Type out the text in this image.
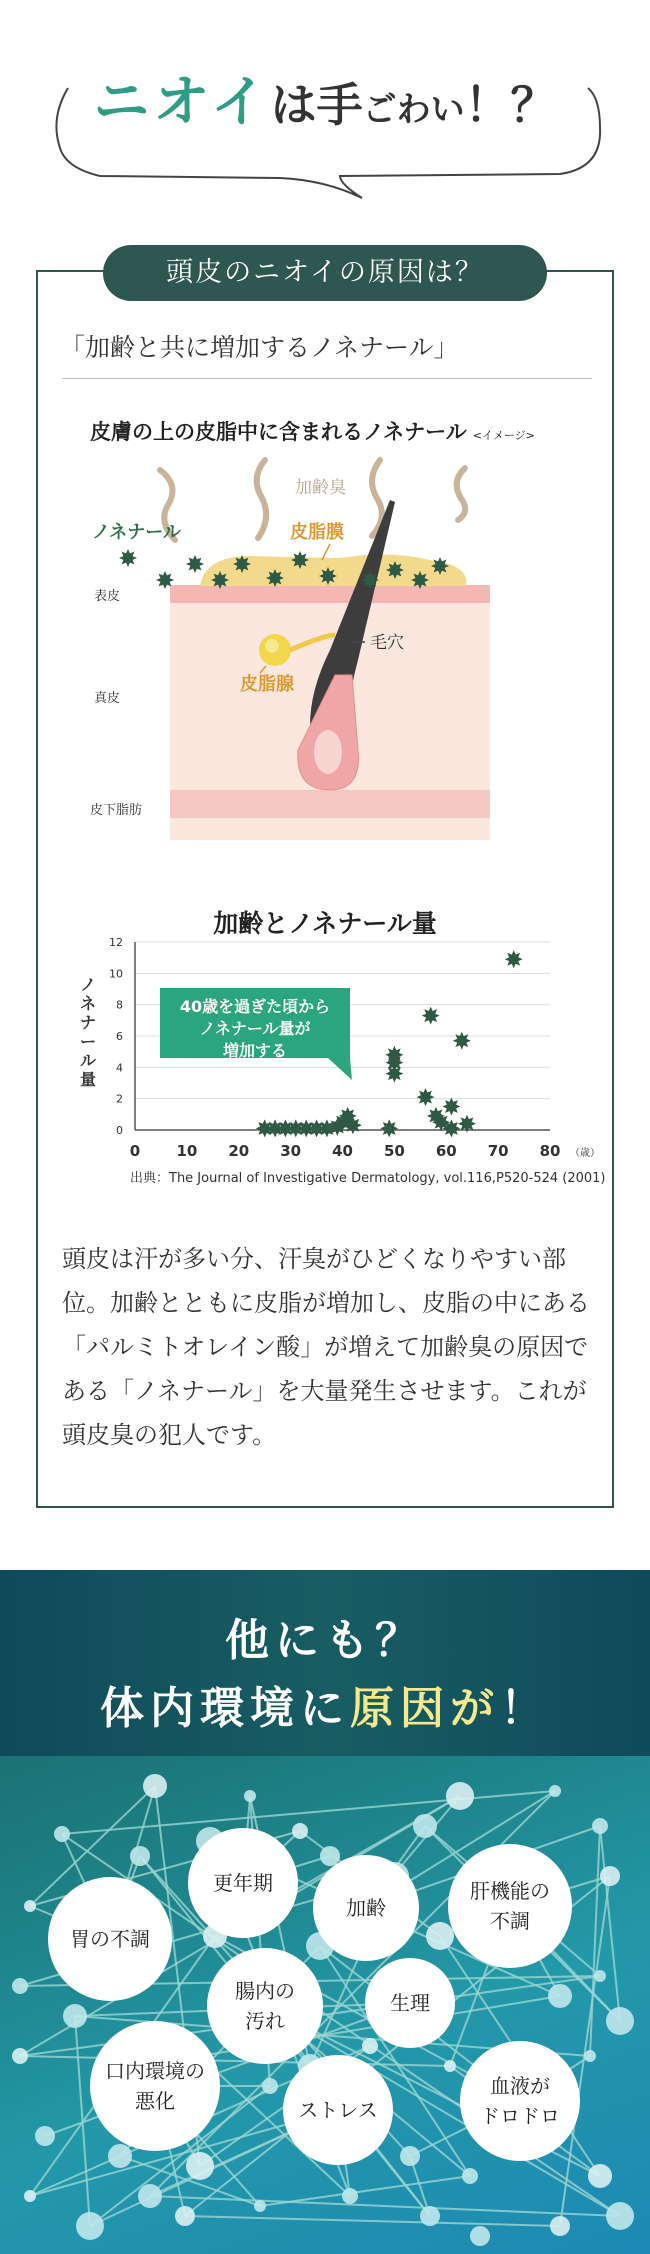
ニオイは手ごわい！？
頭皮のニオイの原因は？
「加齢と共に増加するノネナール」
皮膚の上の皮脂中に含まれるノネナール <イメージ>
加齢臭
毛穴
ノネナール	皮脂膜
皮脂腺
表皮
真皮
皮下脂肪
加齢とノネナール量
0
2
4
6
8
10
12
0 10 20 30 40 50 60 70 80 （歳）
ノ
ネ
ナ
ー
ル
量
40歳を過ぎた頃から
ノネナール量が
増加する
出典：The Journal of Investigative Dermatology, vol.116,P520-524 (2001)
頭皮は汗が多い分、汗臭がひどくなりやすい部位。加齢とともに皮脂が増加し、皮脂の中にある「パルミトオレイン酸」が増えて加齢臭の原因である「ノネナール」を大量発生させます。これが頭皮臭の犯人です。
他にも？
体内環境に原因が！
胃の不調
更年期
加齢
肝機能の
不調
腸内の
汚れ
生理
口内環境の
悪化	ストレス
血液が
ドロドロ
